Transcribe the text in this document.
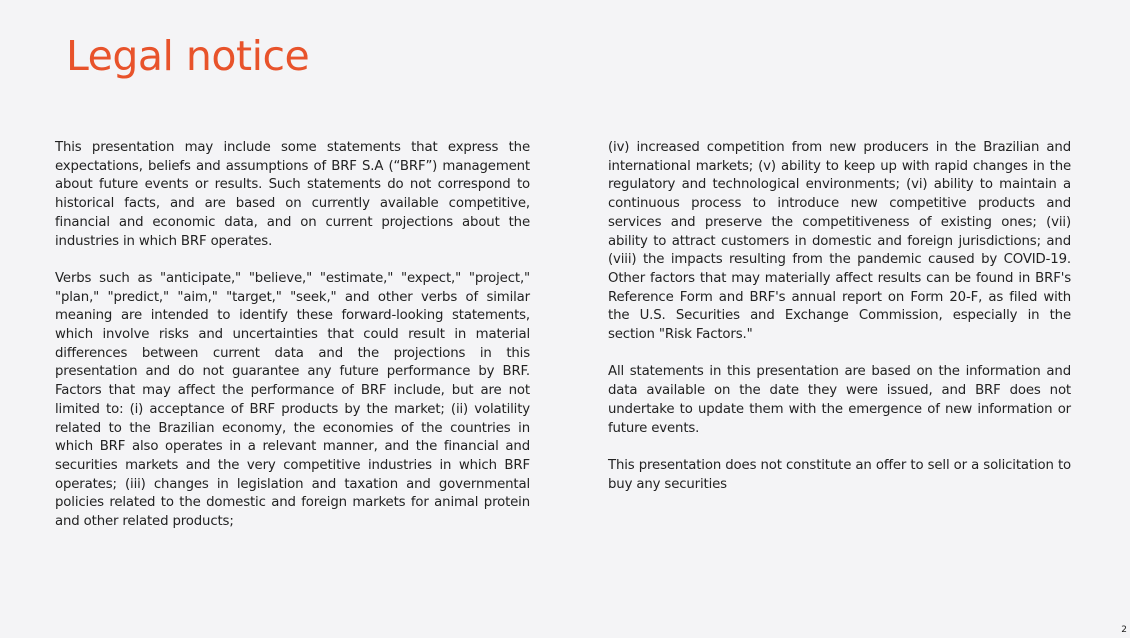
Legal notice

This presentation may include some statements that express the expectations, beliefs and assumptions of BRF S.A (“BRF”) management about future events or results. Such statements do not correspond to historical facts, and are based on currently available competitive, financial and economic data, and on current projections about the industries in which BRF operates.

Verbs such as "anticipate," "believe," "estimate," "expect," "project," "plan," "predict," "aim," "target," "seek," and other verbs of similar meaning are intended to identify these forward-looking statements, which involve risks and uncertainties that could result in material differences between current data and the projections in this presentation and do not guarantee any future performance by BRF. Factors that may affect the performance of BRF include, but are not limited to: (i) acceptance of BRF products by the market; (ii) volatility related to the Brazilian economy, the economies of the countries in which BRF also operates in a relevant manner, and the financial and securities markets and the very competitive industries in which BRF operates; (iii) changes in legislation and taxation and governmental policies related to the domestic and foreign markets for animal protein and other related products;

(iv) increased competition from new producers in the Brazilian and international markets; (v) ability to keep up with rapid changes in the regulatory and technological environments; (vi) ability to maintain a continuous process to introduce new competitive products and services and preserve the competitiveness of existing ones; (vii) ability to attract customers in domestic and foreign jurisdictions; and (viii) the impacts resulting from the pandemic caused by COVID-19. Other factors that may materially affect results can be found in BRF's Reference Form and BRF's annual report on Form 20-F, as filed with the U.S. Securities and Exchange Commission, especially in the section "Risk Factors."

All statements in this presentation are based on the information and data available on the date they were issued, and BRF does not undertake to update them with the emergence of new information or future events.

This presentation does not constitute an offer to sell or a solicitation to buy any securities

2
